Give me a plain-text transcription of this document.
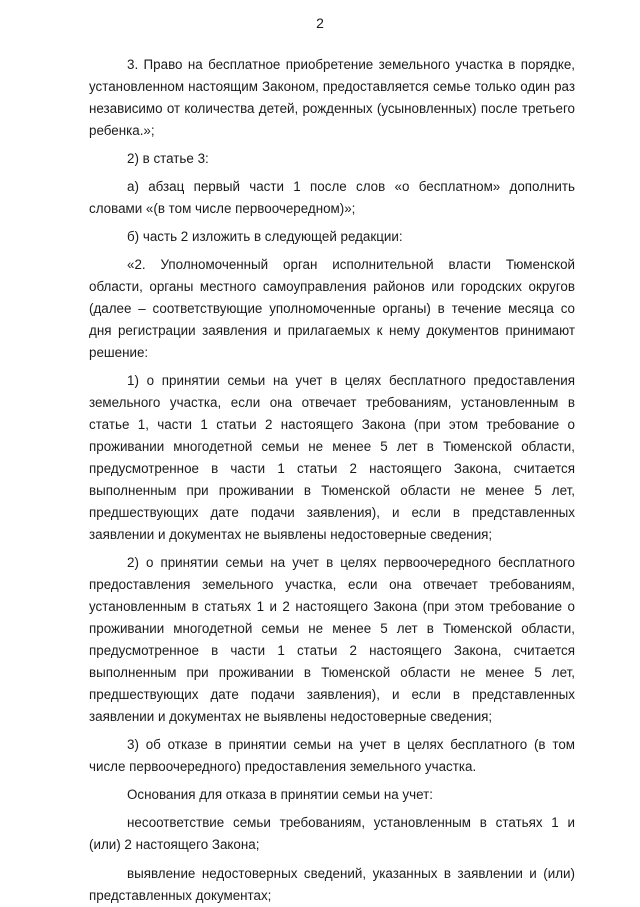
2

3. Право на бесплатное приобретение земельного участка в порядке, установленном настоящим Законом, предоставляется семье только один раз независимо от количества детей, рожденных (усыновленных) после третьего ребенка.»;

2) в статье 3:

а) абзац первый части 1 после слов «о бесплатном» дополнить словами «(в том числе первоочередном)»;

б) часть 2 изложить в следующей редакции:

«2. Уполномоченный орган исполнительной власти Тюменской области, органы местного самоуправления районов или городских округов (далее – соответствующие уполномоченные органы) в течение месяца со дня регистрации заявления и прилагаемых к нему документов принимают решение:

1) о принятии семьи на учет в целях бесплатного предоставления земельного участка, если она отвечает требованиям, установленным в статье 1, части 1 статьи 2 настоящего Закона (при этом требование о проживании многодетной семьи не менее 5 лет в Тюменской области, предусмотренное в части 1 статьи 2 настоящего Закона, считается выполненным при проживании в Тюменской области не менее 5 лет, предшествующих дате подачи заявления), и если в представленных заявлении и документах не выявлены недостоверные сведения;

2) о принятии семьи на учет в целях первоочередного бесплатного предоставления земельного участка, если она отвечает требованиям, установленным в статьях 1 и 2 настоящего Закона (при этом требование о проживании многодетной семьи не менее 5 лет в Тюменской области, предусмотренное в части 1 статьи 2 настоящего Закона, считается выполненным при проживании в Тюменской области не менее 5 лет, предшествующих дате подачи заявления), и если в представленных заявлении и документах не выявлены недостоверные сведения;

3) об отказе в принятии семьи на учет в целях бесплатного (в том числе первоочередного) предоставления земельного участка.

Основания для отказа в принятии семьи на учет:

несоответствие семьи требованиям, установленным в статьях 1 и (или) 2 настоящего Закона;

выявление недостоверных сведений, указанных в заявлении и (или) представленных документах;
